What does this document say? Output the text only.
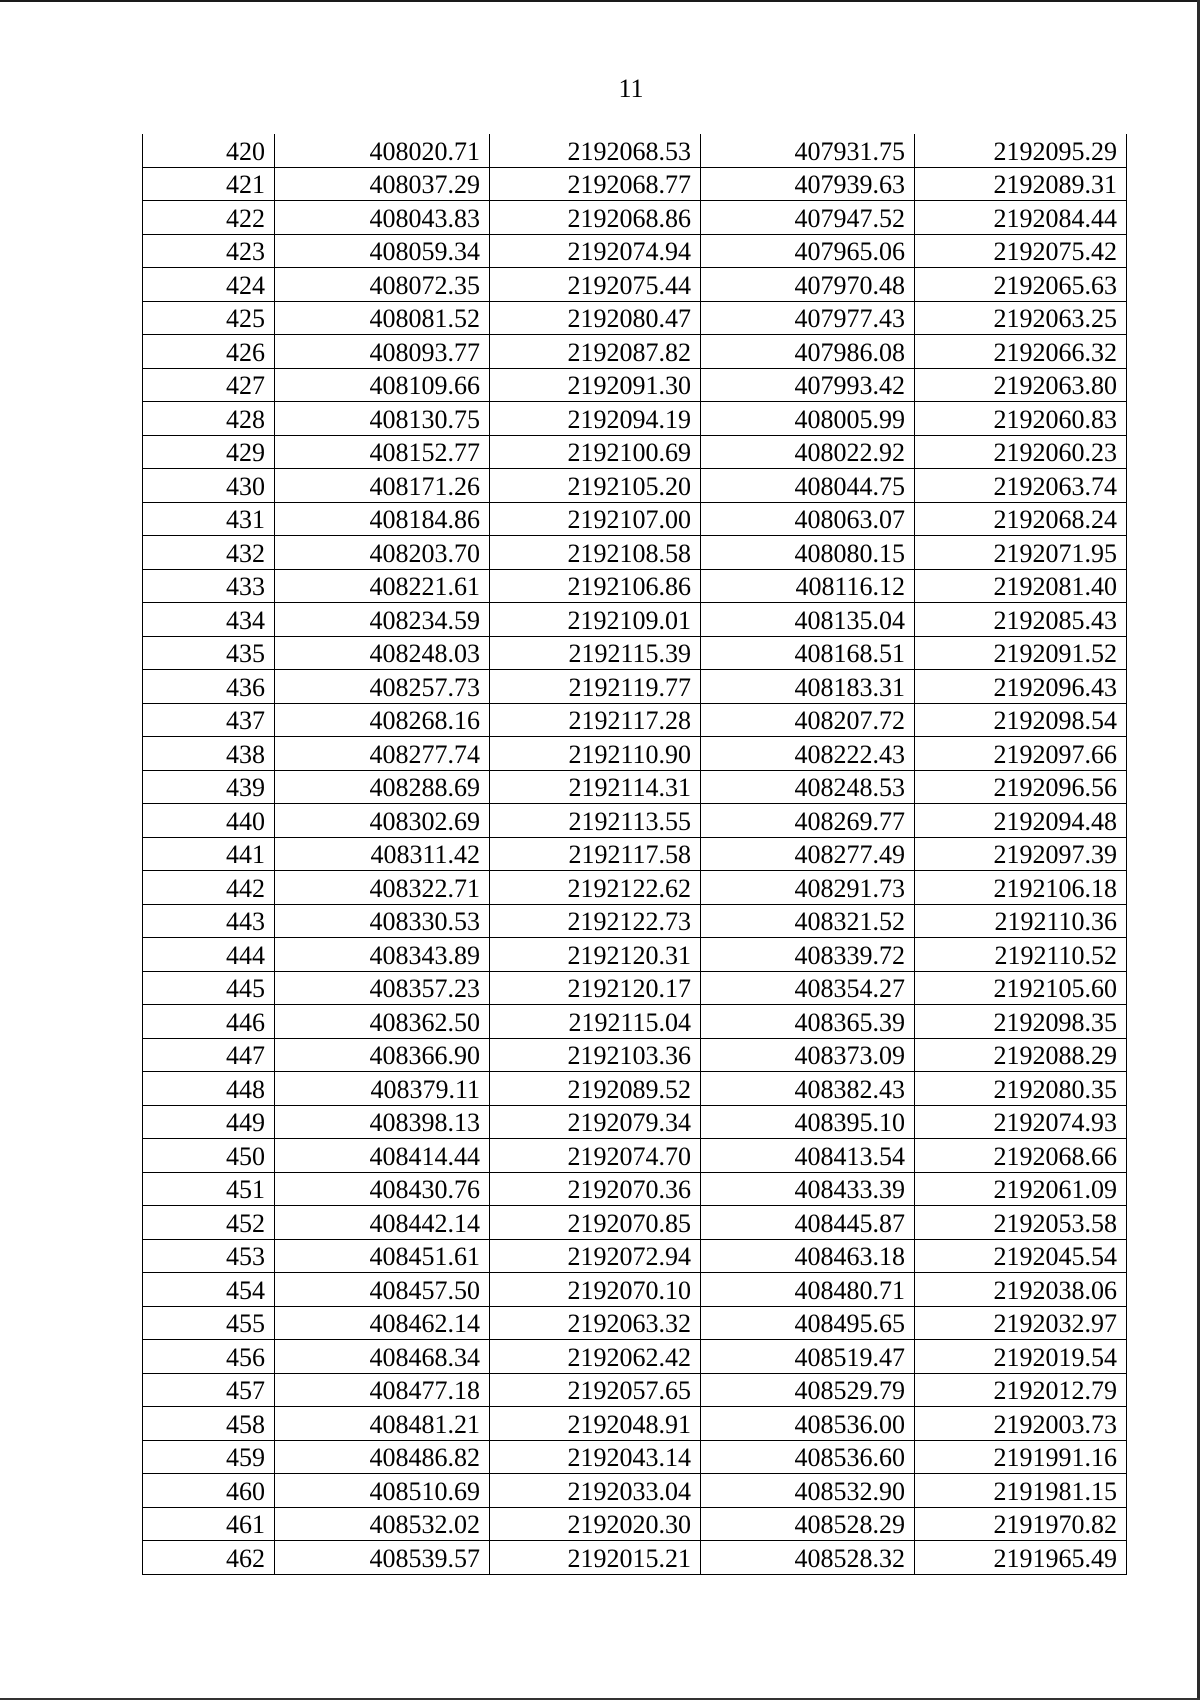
11
420	408020.71	2192068.53	407931.75	2192095.29
421	408037.29	2192068.77	407939.63	2192089.31
422	408043.83	2192068.86	407947.52	2192084.44
423	408059.34	2192074.94	407965.06	2192075.42
424	408072.35	2192075.44	407970.48	2192065.63
425	408081.52	2192080.47	407977.43	2192063.25
426	408093.77	2192087.82	407986.08	2192066.32
427	408109.66	2192091.30	407993.42	2192063.80
428	408130.75	2192094.19	408005.99	2192060.83
429	408152.77	2192100.69	408022.92	2192060.23
430	408171.26	2192105.20	408044.75	2192063.74
431	408184.86	2192107.00	408063.07	2192068.24
432	408203.70	2192108.58	408080.15	2192071.95
433	408221.61	2192106.86	408116.12	2192081.40
434	408234.59	2192109.01	408135.04	2192085.43
435	408248.03	2192115.39	408168.51	2192091.52
436	408257.73	2192119.77	408183.31	2192096.43
437	408268.16	2192117.28	408207.72	2192098.54
438	408277.74	2192110.90	408222.43	2192097.66
439	408288.69	2192114.31	408248.53	2192096.56
440	408302.69	2192113.55	408269.77	2192094.48
441	408311.42	2192117.58	408277.49	2192097.39
442	408322.71	2192122.62	408291.73	2192106.18
443	408330.53	2192122.73	408321.52	2192110.36
444	408343.89	2192120.31	408339.72	2192110.52
445	408357.23	2192120.17	408354.27	2192105.60
446	408362.50	2192115.04	408365.39	2192098.35
447	408366.90	2192103.36	408373.09	2192088.29
448	408379.11	2192089.52	408382.43	2192080.35
449	408398.13	2192079.34	408395.10	2192074.93
450	408414.44	2192074.70	408413.54	2192068.66
451	408430.76	2192070.36	408433.39	2192061.09
452	408442.14	2192070.85	408445.87	2192053.58
453	408451.61	2192072.94	408463.18	2192045.54
454	408457.50	2192070.10	408480.71	2192038.06
455	408462.14	2192063.32	408495.65	2192032.97
456	408468.34	2192062.42	408519.47	2192019.54
457	408477.18	2192057.65	408529.79	2192012.79
458	408481.21	2192048.91	408536.00	2192003.73
459	408486.82	2192043.14	408536.60	2191991.16
460	408510.69	2192033.04	408532.90	2191981.15
461	408532.02	2192020.30	408528.29	2191970.82
462	408539.57	2192015.21	408528.32	2191965.49
